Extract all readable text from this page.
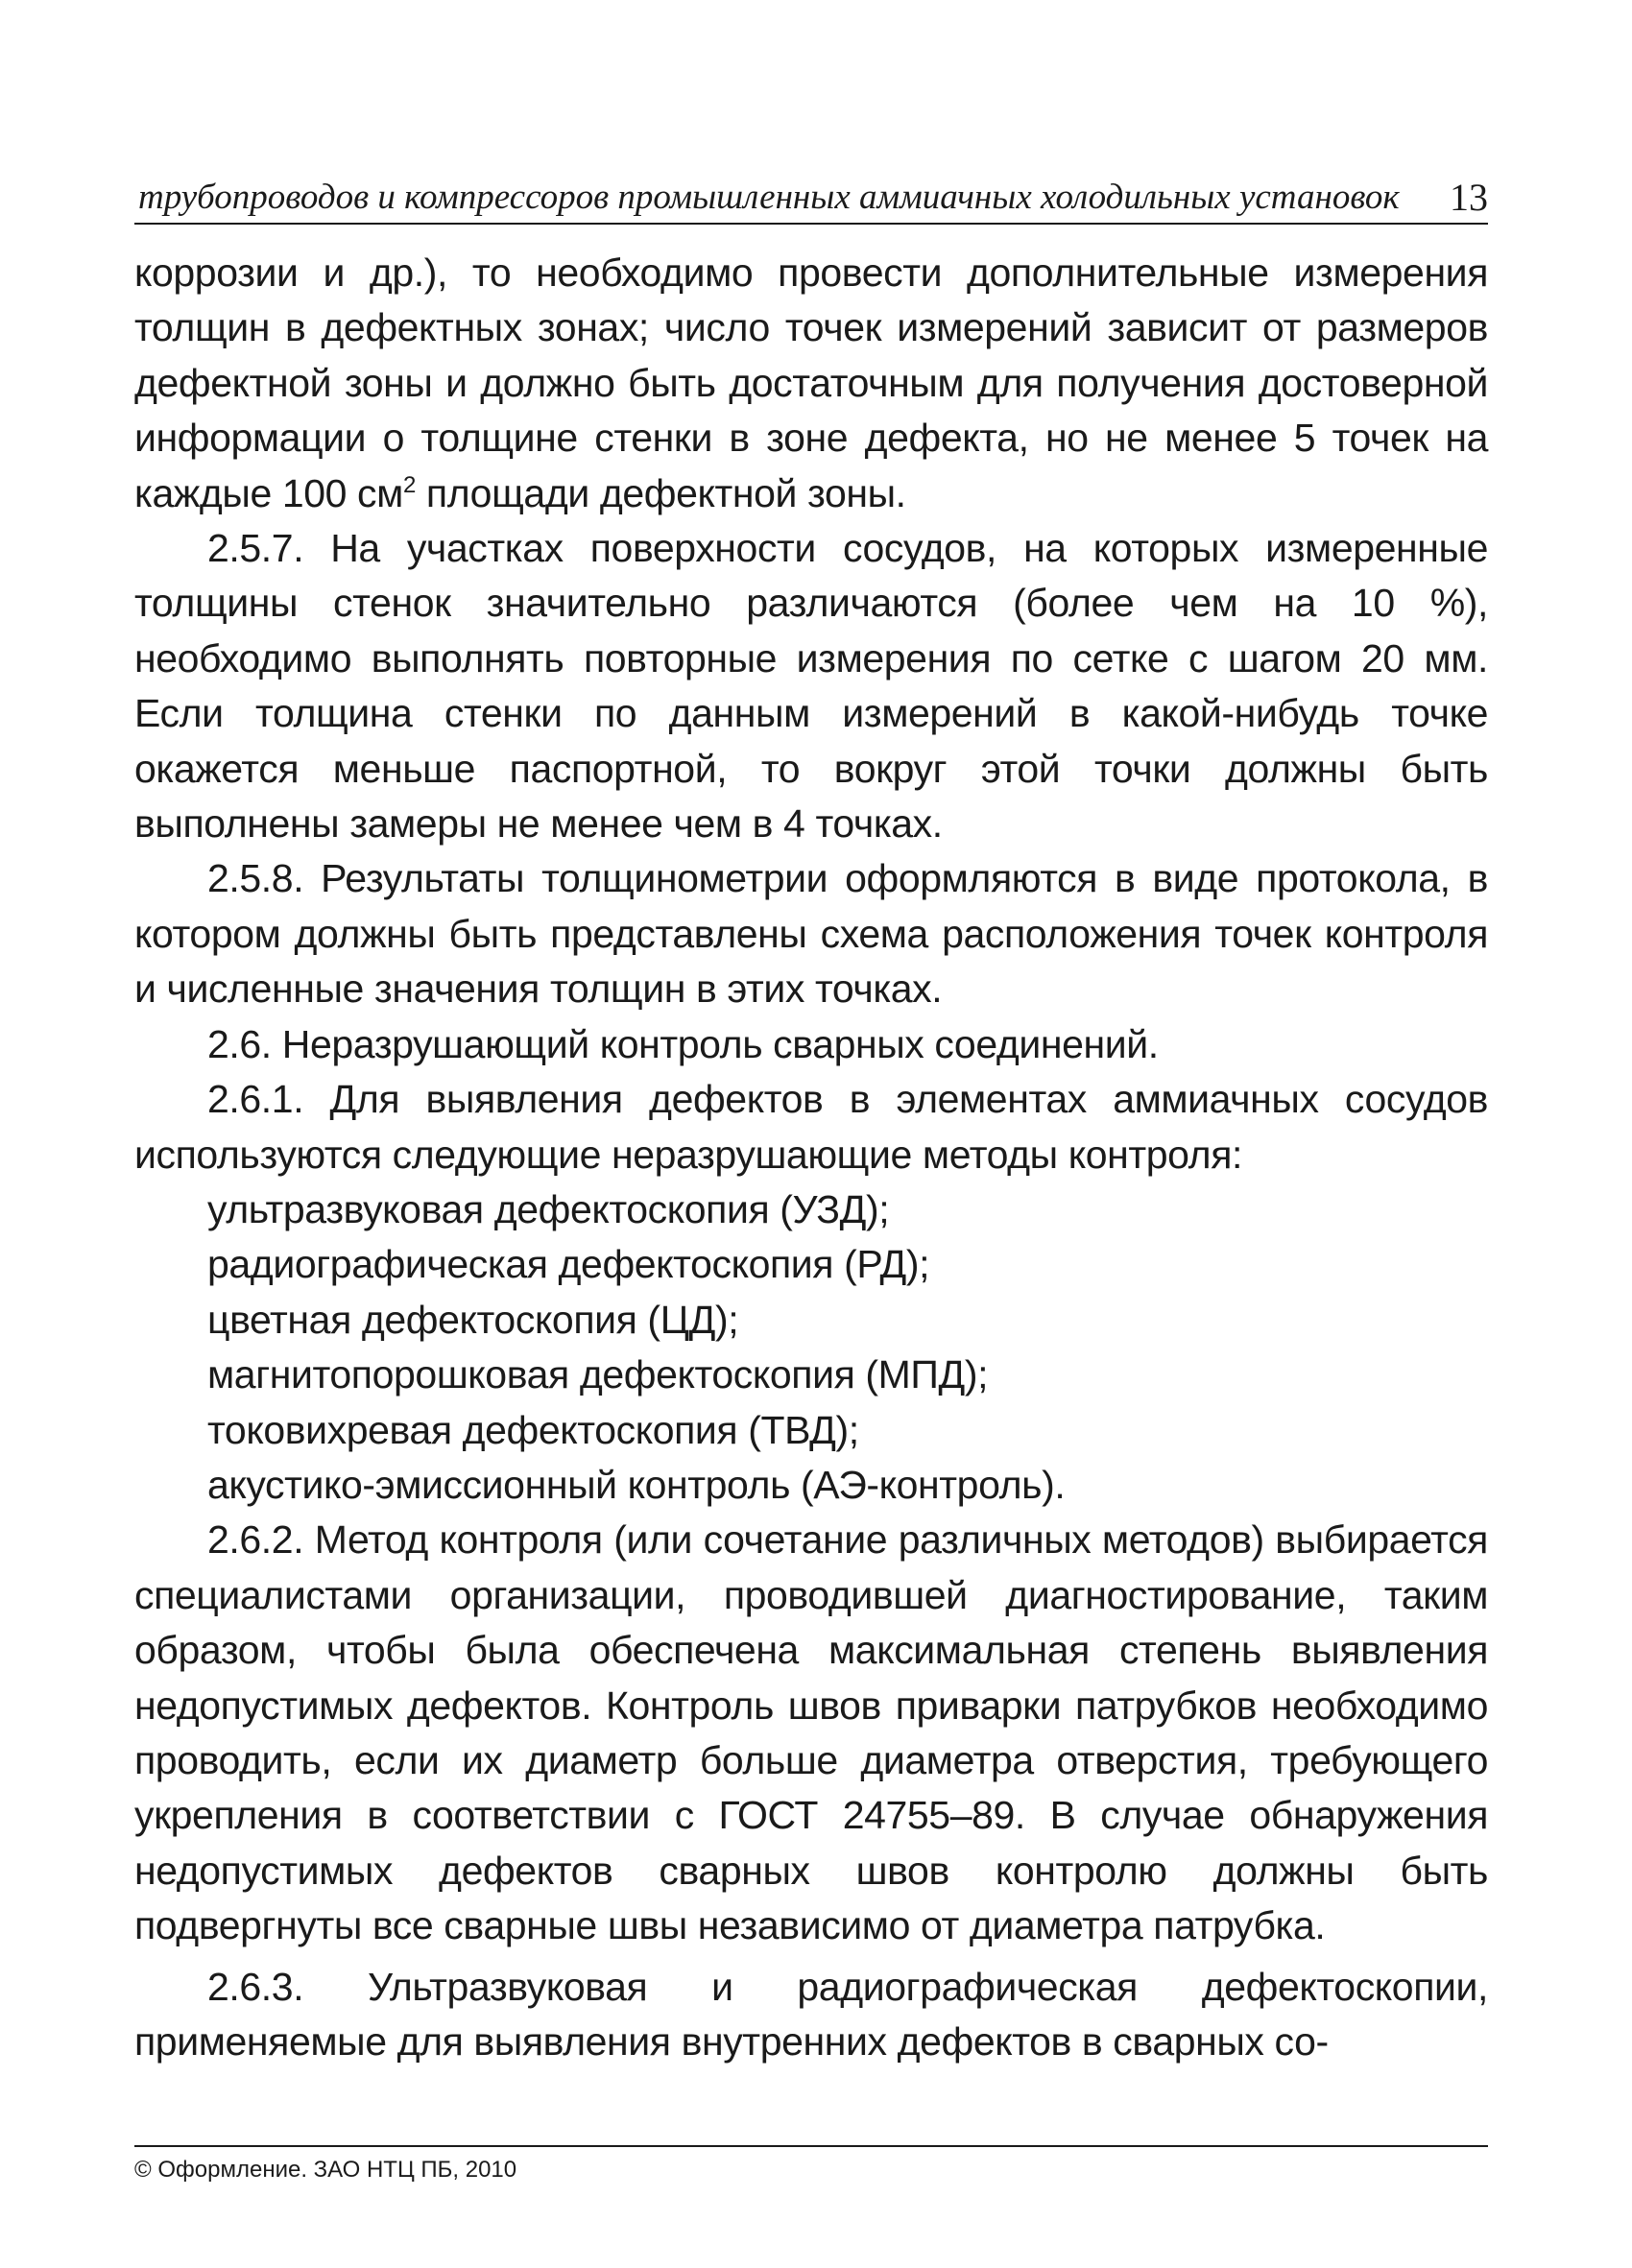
трубопроводов и компрессоров промышленных аммиачных холодильных установок 13

коррозии и др.), то необходимо провести дополнительные измерения толщин в дефектных зонах; число точек измерений зависит от размеров дефектной зоны и должно быть достаточным для получения достоверной информации о толщине стенки в зоне дефекта, но не менее 5 точек на каждые 100 $см^2$ площади дефектной зоны.

2.5.7. На участках поверхности сосудов, на которых измеренные толщины стенок значительно различаются (более чем на 10 %), необходимо выполнять повторные измерения по сетке с шагом 20 мм. Если толщина стенки по данным измерений в какой-нибудь точке окажется меньше паспортной, то вокруг этой точки должны быть выполнены замеры не менее чем в 4 точках.

2.5.8. Результаты толщинометрии оформляются в виде протокола, в котором должны быть представлены схема расположения точек контроля и численные значения толщин в этих точках.

2.6. Неразрушающий контроль сварных соединений.

2.6.1. Для выявления дефектов в элементах аммиачных сосудов используются следующие неразрушающие методы контроля:

ультразвуковая дефектоскопия (УЗД);

радиографическая дефектоскопия (РД);

цветная дефектоскопия (ЦД);

магнитопорошковая дефектоскопия (МПД);

токовихревая дефектоскопия (ТВД);

акустико-эмиссионный контроль (АЭ-контроль).

2.6.2. Метод контроля (или сочетание различных методов) выбирается специалистами организации, проводившей диагностирование, таким образом, чтобы была обеспечена максимальная степень выявления недопустимых дефектов. Контроль швов приварки патрубков необходимо проводить, если их диаметр больше диаметра отверстия, требующего укрепления в соответствии с ГОСТ 24755–89. В случае обнаружения недопустимых дефектов сварных швов контролю должны быть подвергнуты все сварные швы независимо от диаметра патрубка.

2.6.3. Ультразвуковая и радиографическая дефектоскопии, применяемые для выявления внутренних дефектов в сварных со-

© Оформление. ЗАО НТЦ ПБ, 2010
